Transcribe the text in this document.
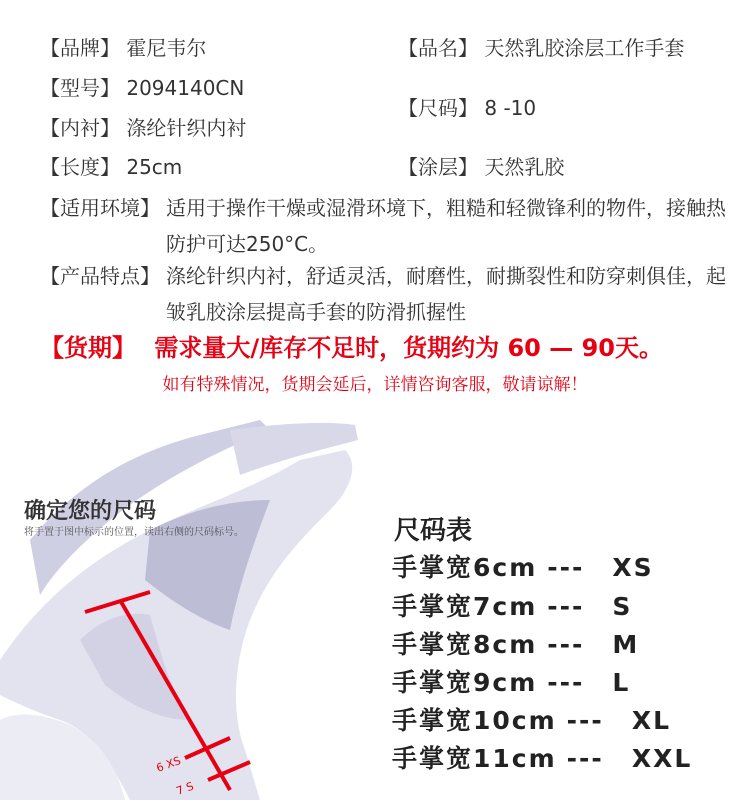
【品牌】 霍尼韦尔	【品名】 天然乳胶涂层工作手套
【型号】 2094140CN
【尺码】 8 -10
【内衬】 涤纶针织内衬
【长度】 25cm	【涂层】 天然乳胶
【适用环境】 适用于操作干燥或湿滑环境下，粗糙和轻微锋利的物件，接触热防护可达250°C。
【产品特点】 涤纶针织内衬，舒适灵活，耐磨性，耐撕裂性和防穿刺俱佳，起皱乳胶涂层提高手套的防滑抓握性
【货期】 需求量大/库存不足时，货期约为 60 — 90天。
如有特殊情况，货期会延后，详情咨询客服，敬请谅解！
6 XS
7 S
确定您的尺码
将手置于图中标示的位置，读出右侧的尺码标号。	尺码表
手掌宽6cm --- XS
手掌宽7cm --- S
手掌宽8cm --- M
手掌宽9cm --- L
手掌宽10cm --- XL
手掌宽11cm --- XXL
